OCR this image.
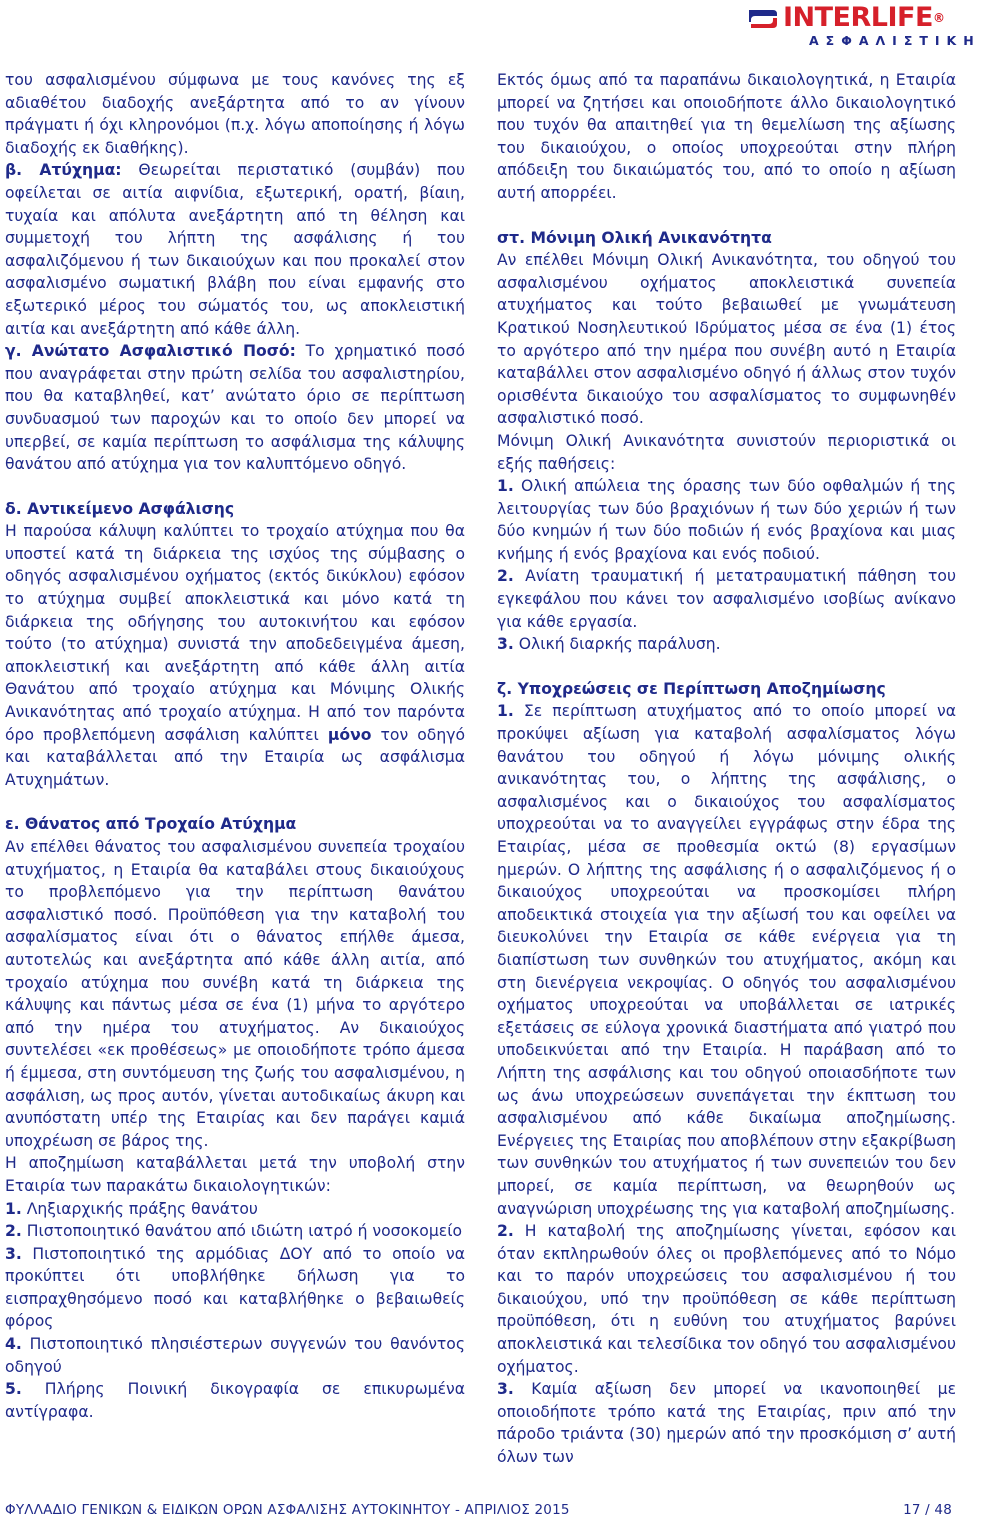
INTERLIFE®
ΑΣΦΑΛΙΣΤΙΚΗ

του ασφαλισμένου σύμφωνα με τους κανόνες της εξ αδιαθέτου διαδοχής ανεξάρτητα από το αν γίνουν πράγματι ή όχι κληρονόμοι (π.χ. λόγω αποποίησης ή λόγω διαδοχής εκ διαθήκης).

β. Ατύχημα: Θεωρείται περιστατικό (συμβάν) που οφείλεται σε αιτία αιφνίδια, εξωτερική, ορατή, βίαιη, τυχαία και απόλυτα ανεξάρτητη από τη θέληση και συμμετοχή του λήπτη της ασφάλισης ή του ασφαλιζόμενου ή των δικαιούχων και που προκαλεί στον ασφαλισμένο σωματική βλάβη που είναι εμφανής στο εξωτερικό μέρος του σώματός του, ως αποκλειστική αιτία και ανεξάρτητη από κάθε άλλη.

γ. Ανώτατο Ασφαλιστικό Ποσό: Το χρηματικό ποσό που αναγράφεται στην πρώτη σελίδα του ασφαλιστηρίου, που θα καταβληθεί, κατ’ ανώτατο όριο σε περίπτωση συνδυασμού των παροχών και το οποίο δεν μπορεί να υπερβεί, σε καμία περίπτωση το ασφάλισμα της κάλυψης θανάτου από ατύχημα για τον καλυπτόμενο οδηγό.

δ. Αντικείμενο Ασφάλισης

Η παρούσα κάλυψη καλύπτει το τροχαίο ατύχημα που θα υποστεί κατά τη διάρκεια της ισχύος της σύμβασης ο οδηγός ασφαλισμένου οχήματος (εκτός δικύκλου) εφόσον το ατύχημα συμβεί αποκλειστικά και μόνο κατά τη διάρκεια της οδήγησης του αυτοκινήτου και εφόσον τούτο (το ατύχημα) συνιστά την αποδεδειγμένα άμεση, αποκλειστική και ανεξάρτητη από κάθε άλλη αιτία Θανάτου από τροχαίο ατύχημα και Μόνιμης Ολικής Ανικανότητας από τροχαίο ατύχημα. Η από τον παρόντα όρο προβλεπόμενη ασφάλιση καλύπτει μόνο τον οδηγό και καταβάλλεται από την Εταιρία ως ασφάλισμα Ατυχημάτων.

ε. Θάνατος από Τροχαίο Ατύχημα

Αν επέλθει θάνατος του ασφαλισμένου συνεπεία τροχαίου ατυχήματος, η Εταιρία θα καταβάλει στους δικαιούχους το προβλεπόμενο για την περίπτωση θανάτου ασφαλιστικό ποσό. Προϋπόθεση για την καταβολή του ασφαλίσματος είναι ότι ο θάνατος επήλθε άμεσα, αυτοτελώς και ανεξάρτητα από κάθε άλλη αιτία, από τροχαίο ατύχημα που συνέβη κατά τη διάρκεια της κάλυψης και πάντως μέσα σε ένα (1) μήνα το αργότερο από την ημέρα του ατυχήματος. Αν δικαιούχος συντελέσει «εκ προθέσεως» με οποιοδήποτε τρόπο άμεσα ή έμμεσα, στη συντόμευση της ζωής του ασφαλισμένου, η ασφάλιση, ως προς αυτόν, γίνεται αυτοδικαίως άκυρη και ανυπόστατη υπέρ της Εταιρίας και δεν παράγει καμιά υποχρέωση σε βάρος της.

Η αποζημίωση καταβάλλεται μετά την υποβολή στην Εταιρία των παρακάτω δικαιολογητικών:

1. Ληξιαρχικής πράξης θανάτου

2. Πιστοποιητικό θανάτου από ιδιώτη ιατρό ή νοσοκομείο

3. Πιστοποιητικό της αρμόδιας ΔΟΥ από το οποίο να προκύπτει ότι υποβλήθηκε δήλωση για το εισπραχθησόμενο ποσό και καταβλήθηκε ο βεβαιωθείς φόρος

4. Πιστοποιητικό πλησιέστερων συγγενών του θανόντος οδηγού

5. Πλήρης Ποινική δικογραφία σε επικυρωμένα αντίγραφα.

Εκτός όμως από τα παραπάνω δικαιολογητικά, η Εταιρία μπορεί να ζητήσει και οποιοδήποτε άλλο δικαιολογητικό που τυχόν θα απαιτηθεί για τη θεμελίωση της αξίωσης του δικαιούχου, ο οποίος υποχρεούται στην πλήρη απόδειξη του δικαιώματός του, από το οποίο η αξίωση αυτή απορρέει.

στ. Μόνιμη Ολική Ανικανότητα

Αν επέλθει Μόνιμη Ολική Ανικανότητα, του οδηγού του ασφαλισμένου οχήματος αποκλειστικά συνεπεία ατυχήματος και τούτο βεβαιωθεί με γνωμάτευση Κρατικού Νοσηλευτικού Ιδρύματος μέσα σε ένα (1) έτος το αργότερο από την ημέρα που συνέβη αυτό η Εταιρία καταβάλλει στον ασφαλισμένο οδηγό ή άλλως στον τυχόν ορισθέντα δικαιούχο του ασφαλίσματος το συμφωνηθέν ασφαλιστικό ποσό.

Μόνιμη Ολική Ανικανότητα συνιστούν περιοριστικά οι εξής παθήσεις:

1. Ολική απώλεια της όρασης των δύο οφθαλμών ή της λειτουργίας των δύο βραχιόνων ή των δύο χεριών ή των δύο κνημών ή των δύο ποδιών ή ενός βραχίονα και μιας κνήμης ή ενός βραχίονα και ενός ποδιού.

2. Ανίατη τραυματική ή μετατραυματική πάθηση του εγκεφάλου που κάνει τον ασφαλισμένο ισοβίως ανίκανο για κάθε εργασία.

3. Ολική διαρκής παράλυση.

ζ. Υποχρεώσεις σε Περίπτωση Αποζημίωσης

1. Σε περίπτωση ατυχήματος από το οποίο μπορεί να προκύψει αξίωση για καταβολή ασφαλίσματος λόγω θανάτου του οδηγού ή λόγω μόνιμης ολικής ανικανότητας του, ο λήπτης της ασφάλισης, ο ασφαλισμένος και ο δικαιούχος του ασφαλίσματος υποχρεούται να το αναγγείλει εγγράφως στην έδρα της Εταιρίας, μέσα σε προθεσμία οκτώ (8) εργασίμων ημερών. Ο λήπτης της ασφάλισης ή ο ασφαλιζόμενος ή ο δικαιούχος υποχρεούται να προσκομίσει πλήρη αποδεικτικά στοιχεία για την αξίωσή του και οφείλει να διευκολύνει την Εταιρία σε κάθε ενέργεια για τη διαπίστωση των συνθηκών του ατυχήματος, ακόμη και στη διενέργεια νεκροψίας. Ο οδηγός του ασφαλισμένου οχήματος υποχρεούται να υποβάλλεται σε ιατρικές εξετάσεις σε εύλογα χρονικά διαστήματα από γιατρό που υποδεικνύεται από την Εταιρία. Η παράβαση από το Λήπτη της ασφάλισης και του οδηγού οποιασδήποτε των ως άνω υποχρεώσεων συνεπάγεται την έκπτωση του ασφαλισμένου από κάθε δικαίωμα αποζημίωσης. Ενέργειες της Εταιρίας που αποβλέπουν στην εξακρίβωση των συνθηκών του ατυχήματος ή των συνεπειών του δεν μπορεί, σε καμία περίπτωση, να θεωρηθούν ως αναγνώριση υποχρέωσης της για καταβολή αποζημίωσης.

2. Η καταβολή της αποζημίωσης γίνεται, εφόσον και όταν εκπληρωθούν όλες οι προβλεπόμενες από το Νόμο και το παρόν υποχρεώσεις του ασφαλισμένου ή του δικαιούχου, υπό την προϋπόθεση σε κάθε περίπτωση προϋπόθεση, ότι η ευθύνη του ατυχήματος βαρύνει αποκλειστικά και τελεσίδικα τον οδηγό του ασφαλισμένου οχήματος.

3. Καμία αξίωση δεν μπορεί να ικανοποιηθεί με οποιοδήποτε τρόπο κατά της Εταιρίας, πριν από την πάροδο τριάντα (30) ημερών από την προσκόμιση σ’ αυτή όλων των

ΦΥΛΛΑΔΙΟ ΓΕΝΙΚΩΝ & ΕΙΔΙΚΩΝ ΟΡΩΝ ΑΣΦΑΛΙΣΗΣ ΑΥΤΟΚΙΝΗΤΟΥ - ΑΠΡΙΛΙΟΣ 2015	17 / 48
